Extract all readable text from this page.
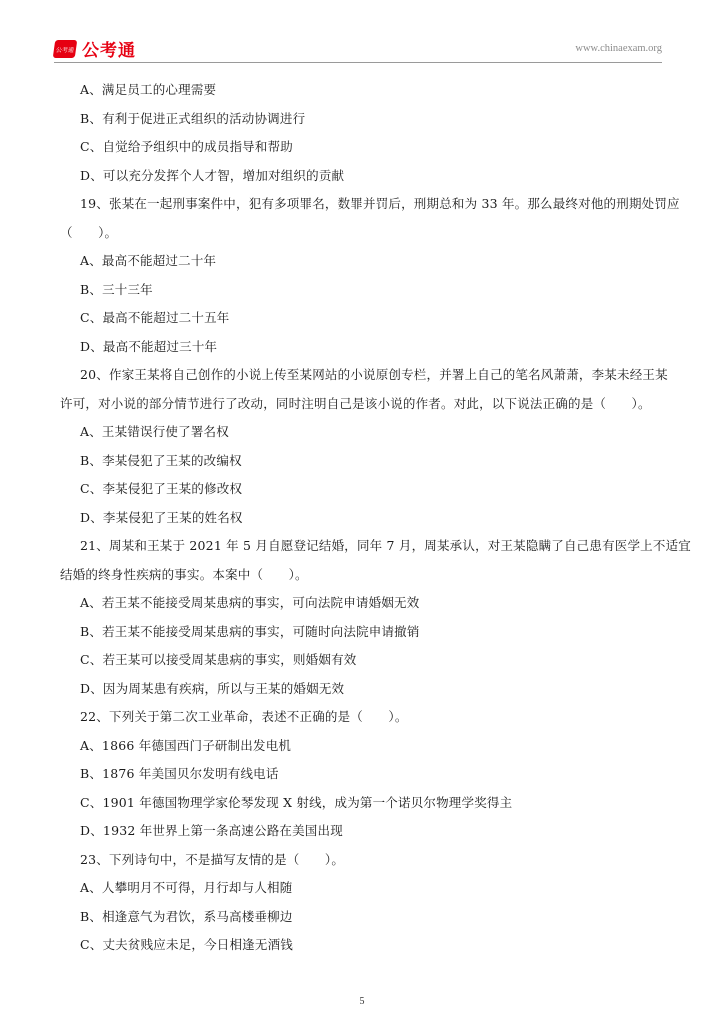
公考通 公考通	www.chinaexam.org
A、满足员工的心理需要
B、有利于促进正式组织的活动协调进行
C、自觉给予组织中的成员指导和帮助
D、可以充分发挥个人才智，增加对组织的贡献
19、张某在一起刑事案件中，犯有多项罪名，数罪并罚后，刑期总和为 33 年。那么最终对他的刑期处罚应
（　　）。
A、最高不能超过二十年
B、三十三年
C、最高不能超过二十五年
D、最高不能超过三十年
20、作家王某将自己创作的小说上传至某网站的小说原创专栏，并署上自己的笔名风萧萧，李某未经王某
许可，对小说的部分情节进行了改动，同时注明自己是该小说的作者。对此，以下说法正确的是（　　）。
A、王某错误行使了署名权
B、李某侵犯了王某的改编权
C、李某侵犯了王某的修改权
D、李某侵犯了王某的姓名权
21、周某和王某于 2021 年 5 月自愿登记结婚，同年 7 月，周某承认，对王某隐瞒了自己患有医学上不适宜
结婚的终身性疾病的事实。本案中（　　）。
A、若王某不能接受周某患病的事实，可向法院申请婚姻无效
B、若王某不能接受周某患病的事实，可随时向法院申请撤销
C、若王某可以接受周某患病的事实，则婚姻有效
D、因为周某患有疾病，所以与王某的婚姻无效
22、下列关于第二次工业革命，表述不正确的是（　　）。
A、1866 年德国西门子研制出发电机
B、1876 年美国贝尔发明有线电话
C、1901 年德国物理学家伦琴发现 X 射线，成为第一个诺贝尔物理学奖得主
D、1932 年世界上第一条高速公路在美国出现
23、下列诗句中，不是描写友情的是（　　）。
A、人攀明月不可得，月行却与人相随
B、相逢意气为君饮，系马高楼垂柳边
C、丈夫贫贱应未足，今日相逢无酒钱
5
